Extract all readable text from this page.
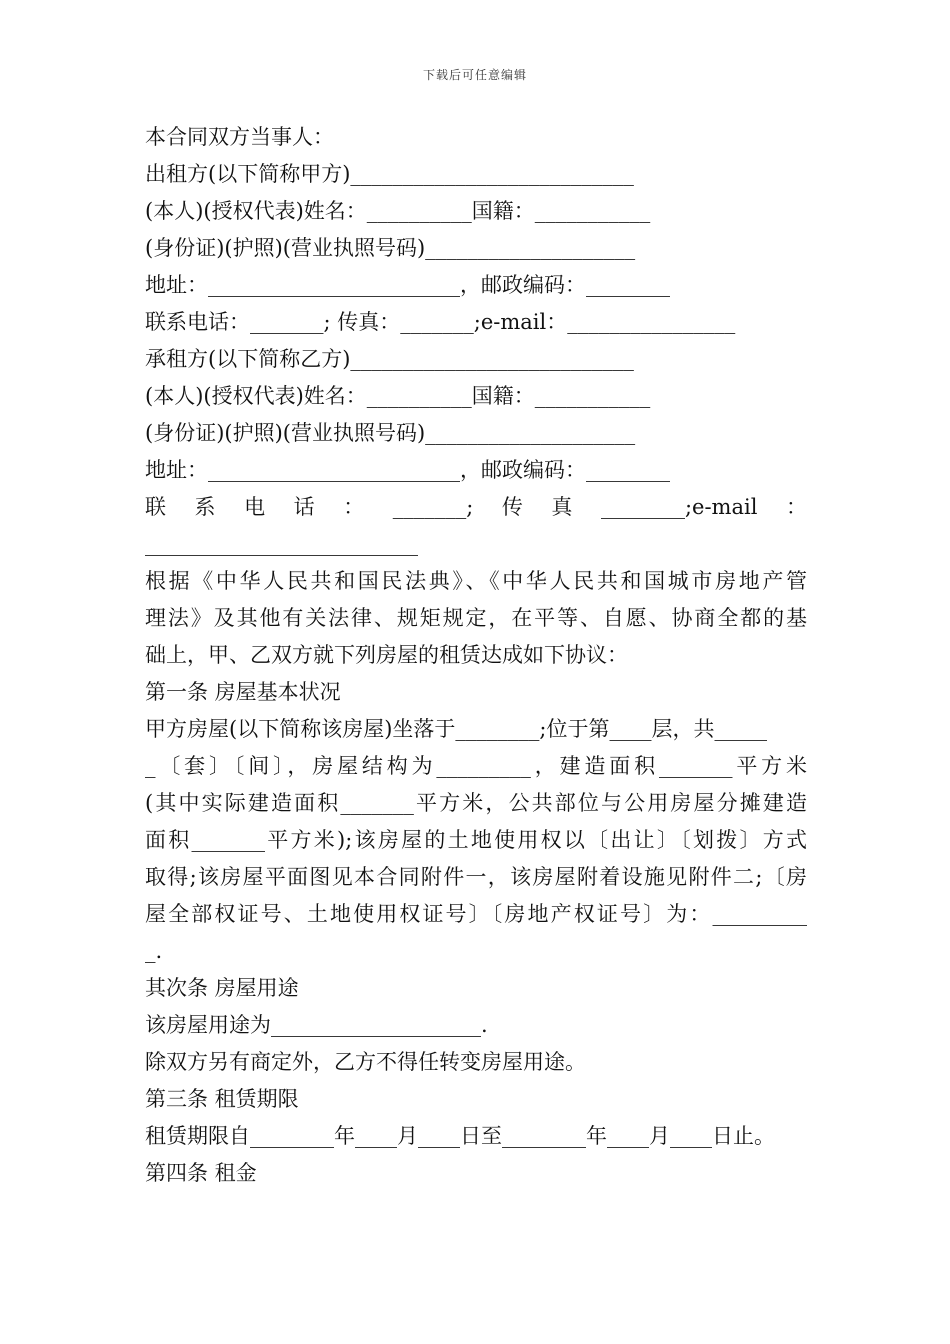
下载后可任意编辑
本合同双方当事人：
出租方(以下简称甲方)___________________________
(本人)(授权代表)姓名：__________国籍：___________
(身份证)(护照)(营业执照号码)____________________
地址：________________________，邮政编码：________
联系电话：_______; 传真：_______;e-mail：________________
承租方(以下简称乙方)___________________________
(本人)(授权代表)姓名：__________国籍：___________
(身份证)(护照)(营业执照号码)____________________
地址：________________________，邮政编码：________
联 系 电 话 ： _______; 传 真 ________;e-mail ：
__________________________
根据《中华人民共和国民法典》、《中华人民共和国城市房地产管
理法》及其他有关法律、规矩规定，在平等、自愿、协商全都的基
础上，甲、乙双方就下列房屋的租赁达成如下协议：
第一条 房屋基本状况
甲方房屋(以下简称该房屋)坐落于________;位于第____层，共_____
_〔套〕〔间〕，房屋结构为_________，建造面积_______平方米
(其中实际建造面积_______平方米，公共部位与公用房屋分摊建造
面积_______平方米);该房屋的土地使用权以〔出让〕〔划拨〕方式
取得;该房屋平面图见本合同附件一，该房屋附着设施见附件二;〔房
屋全部权证号、土地使用权证号〕〔房地产权证号〕为：_________
_.
其次条 房屋用途
该房屋用途为____________________.
除双方另有商定外，乙方不得任转变房屋用途。
第三条 租赁期限
租赁期限自________年____月____日至________年____月____日止。
第四条 租金
